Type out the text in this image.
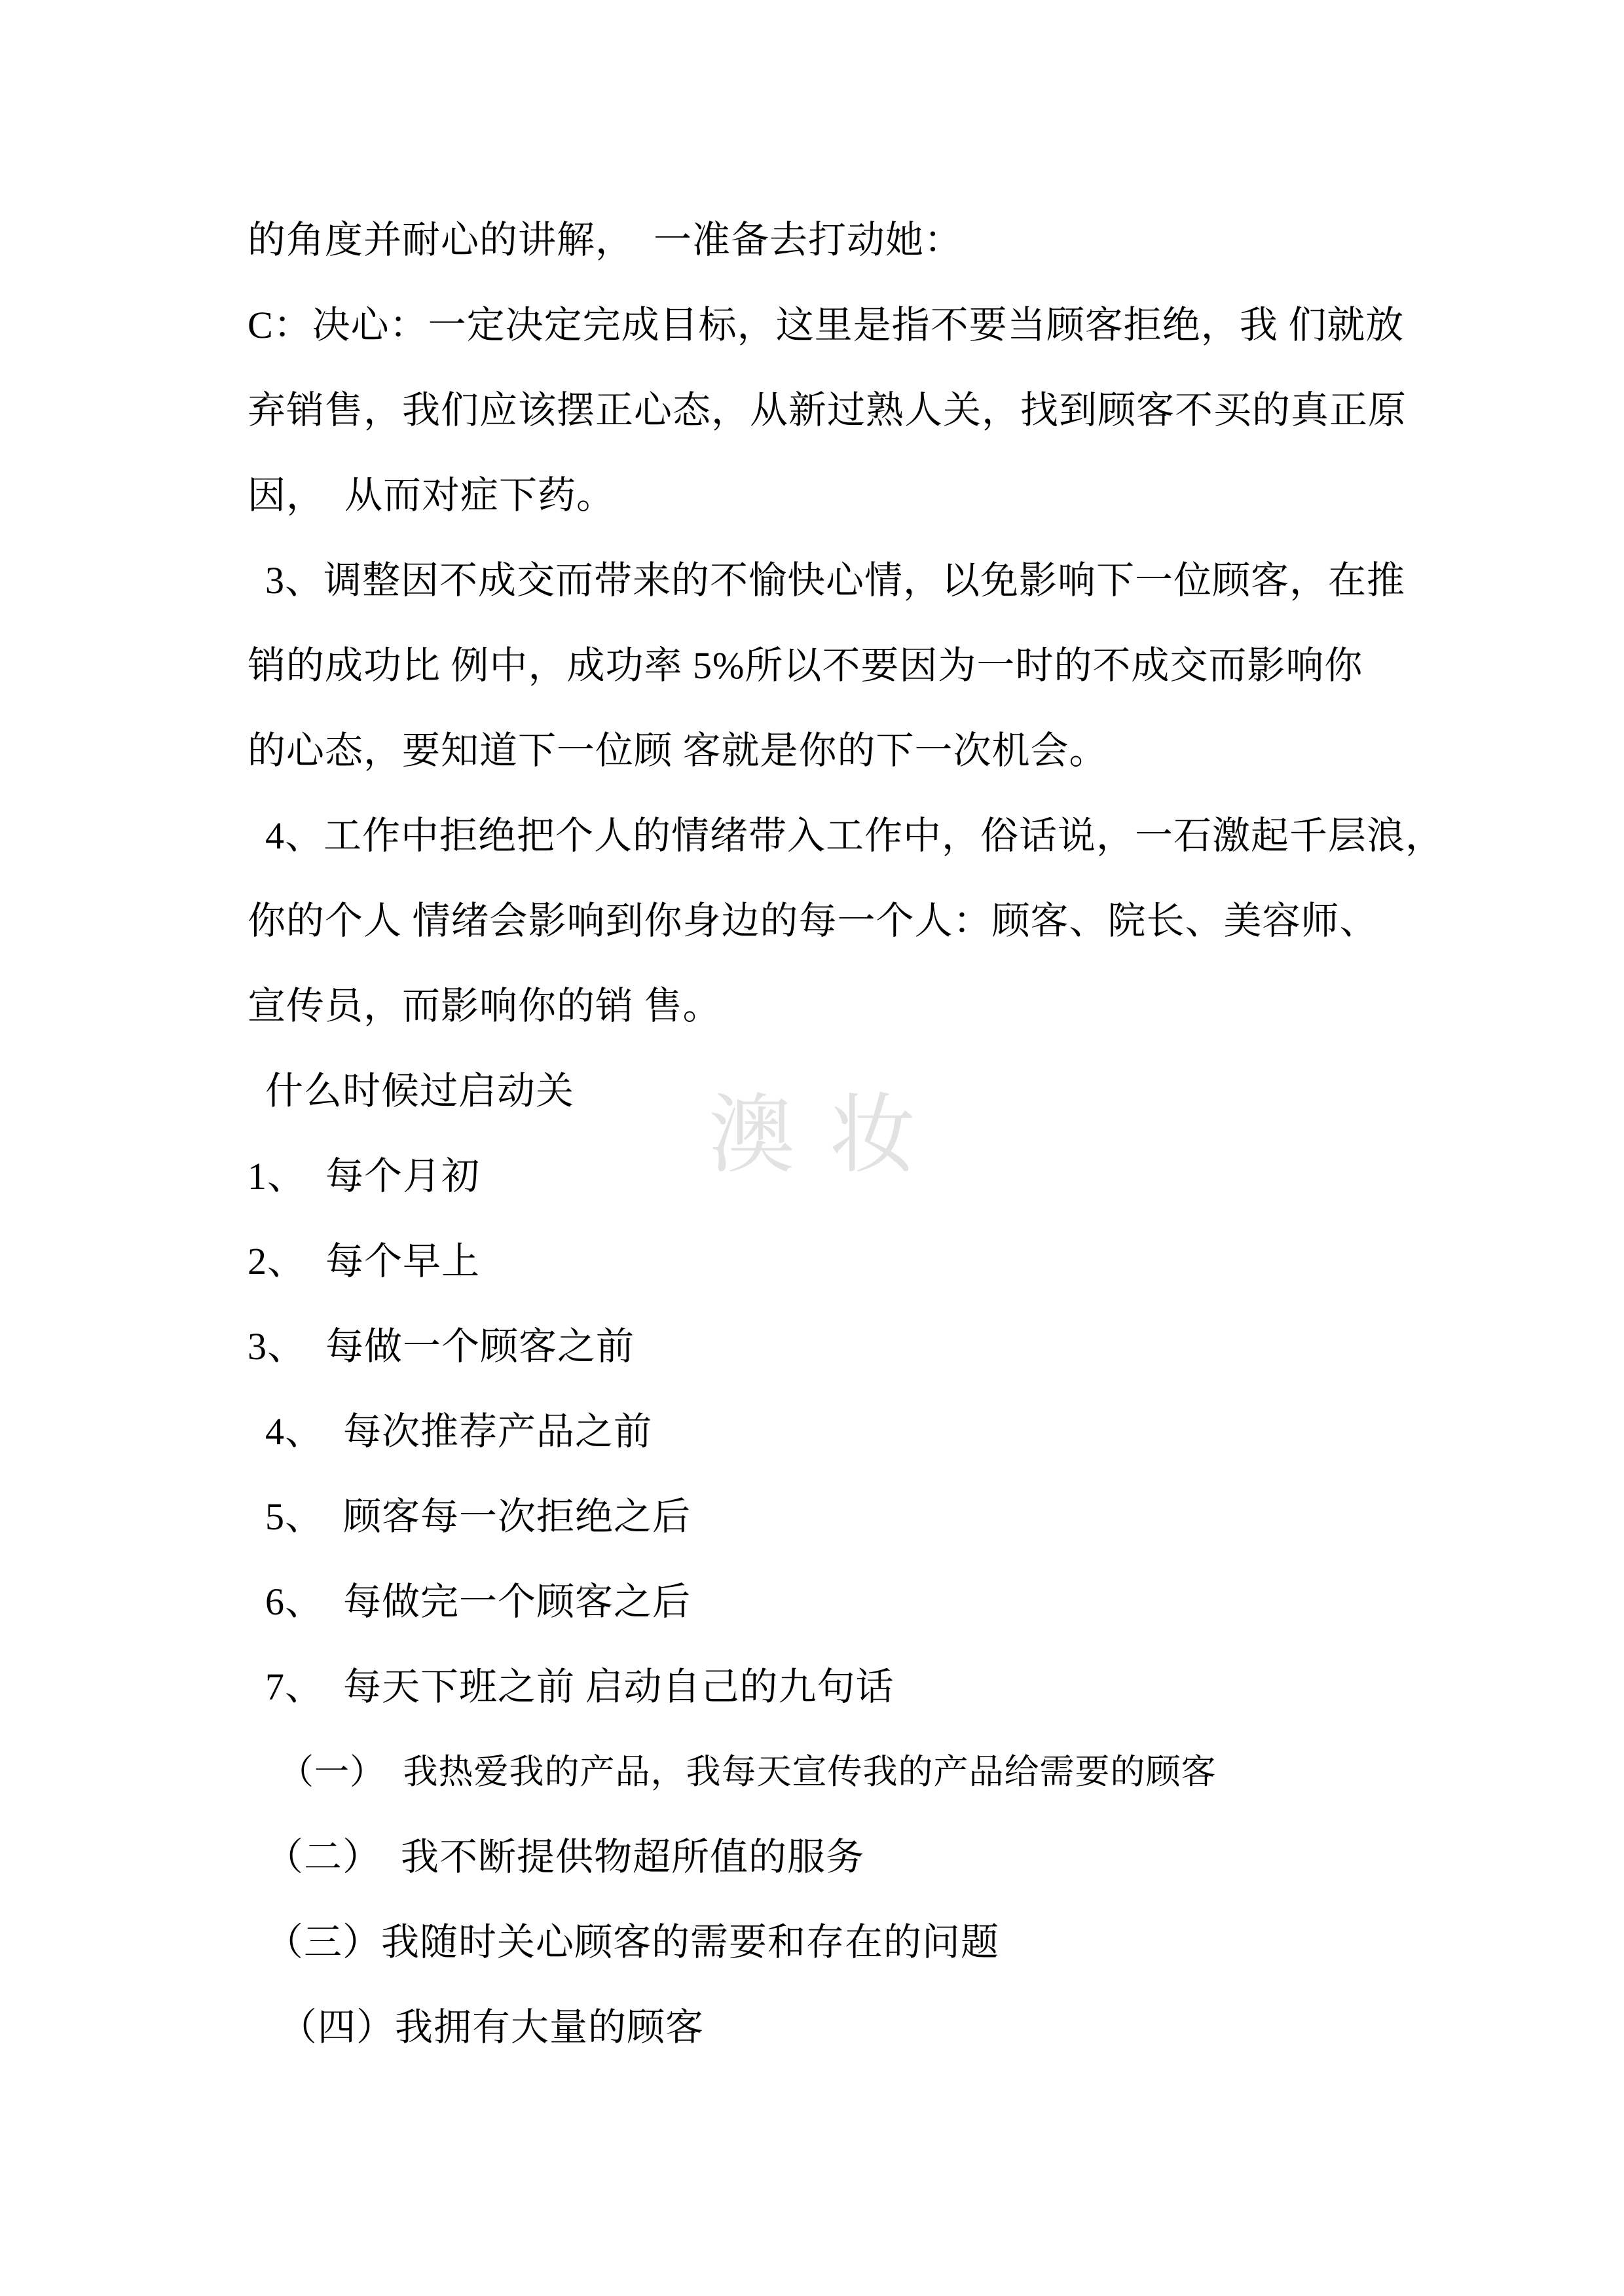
澳 妆
的角度并耐心的讲解，　一准备去打动她：
C：决心：一定决定完成目标，这里是指不要当顾客拒绝，我 们就放
弃销售，我们应该摆正心态，从新过熟人关，找到顾客不买的真正原
因，　从而对症下药。
3、调整因不成交而带来的不愉快心情，以免影响下一位顾客，在推
销的成功比 例中，成功率 5%所以不要因为一时的不成交而影响你
的心态，要知道下一位顾 客就是你的下一次机会。
4、工作中拒绝把个人的情绪带入工作中，俗话说，一石激起千层浪，
你的个人 情绪会影响到你身边的每一个人：顾客、院长、美容师、
宣传员，而影响你的销 售。
什么时候过启动关
1、　每个月初
2、　每个早上
3、　每做一个顾客之前
4、　每次推荐产品之前
5、　顾客每一次拒绝之后
6、　每做完一个顾客之后
7、　每天下班之前 启动自己的九句话
（一）　我热爱我的产品，我每天宣传我的产品给需要的顾客
（二）　我不断提供物超所值的服务
（三）我随时关心顾客的需要和存在的问题
（四）我拥有大量的顾客
